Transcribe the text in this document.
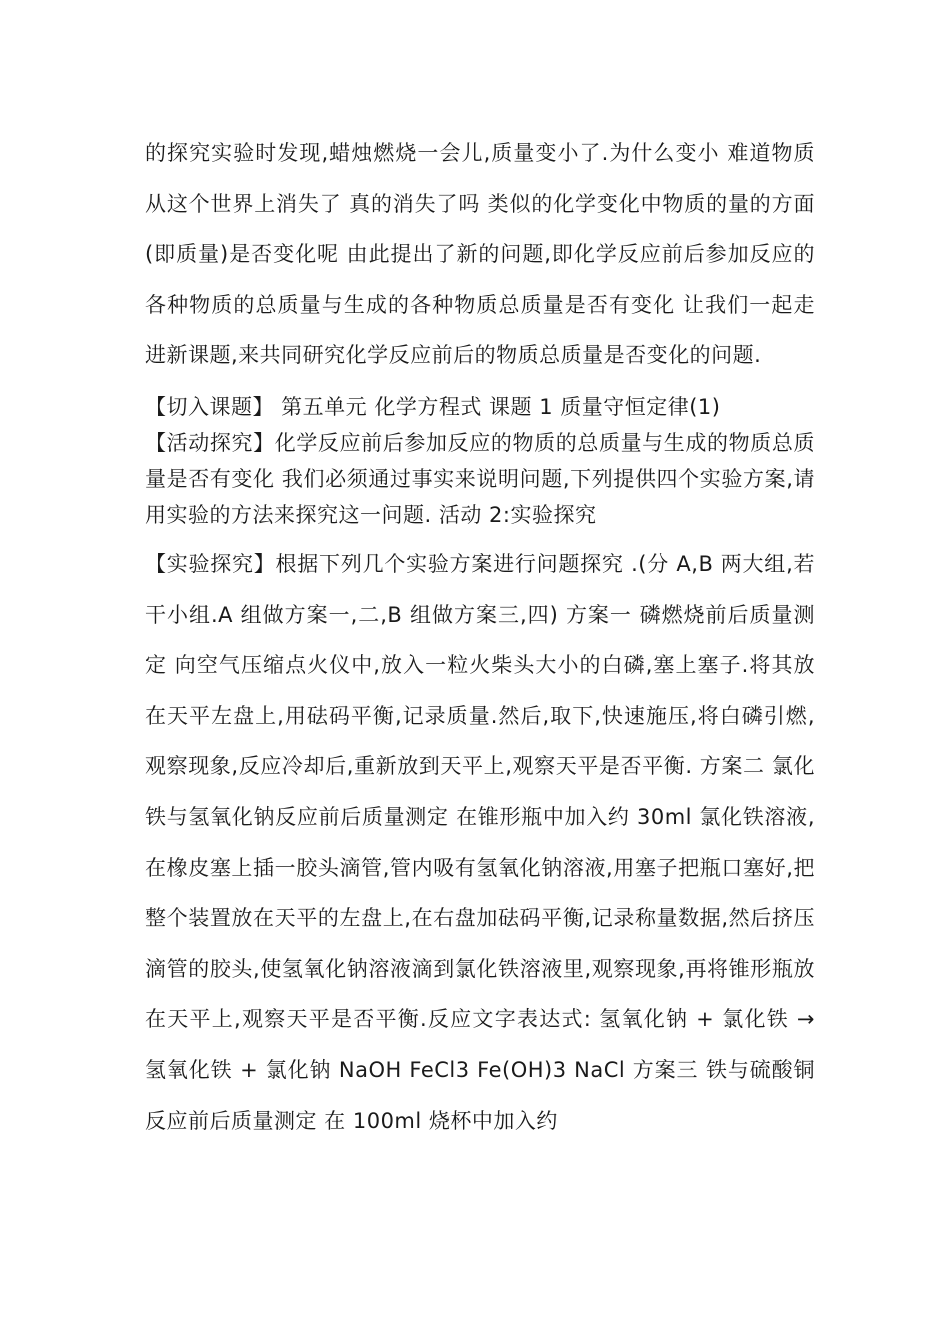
的探究实验时发现,蜡烛燃烧一会儿,质量变小了.为什么变小 难道物质从这个世界上消失了 真的消失了吗 类似的化学变化中物质的量的方面(即质量)是否变化呢 由此提出了新的问题,即化学反应前后参加反应的各种物质的总质量与生成的各种物质总质量是否有变化 让我们一起走进新课题,来共同研究化学反应前后的物质总质量是否变化的问题.

【切入课题】 第五单元 化学方程式 课题 1 质量守恒定律(1)

【活动探究】化学反应前后参加反应的物质的总质量与生成的物质总质量是否有变化 我们必须通过事实来说明问题,下列提供四个实验方案,请用实验的方法来探究这一问题. 活动 2:实验探究

【实验探究】根据下列几个实验方案进行问题探究 .(分 A,B 两大组,若干小组.A 组做方案一,二,B 组做方案三,四) 方案一 磷燃烧前后质量测定 向空气压缩点火仪中,放入一粒火柴头大小的白磷,塞上塞子.将其放在天平左盘上,用砝码平衡,记录质量.然后,取下,快速施压,将白磷引燃,观察现象,反应冷却后,重新放到天平上,观察天平是否平衡. 方案二 氯化铁与氢氧化钠反应前后质量测定 在锥形瓶中加入约 30ml 氯化铁溶液,在橡皮塞上插一胶头滴管,管内吸有氢氧化钠溶液,用塞子把瓶口塞好,把整个装置放在天平的左盘上,在右盘加砝码平衡,记录称量数据,然后挤压滴管的胶头,使氢氧化钠溶液滴到氯化铁溶液里,观察现象,再将锥形瓶放在天平上,观察天平是否平衡.反应文字表达式: 氢氧化钠 + 氯化铁 → 氢氧化铁 + 氯化钠 NaOH FeCl3 Fe(OH)3 NaCl 方案三 铁与硫酸铜反应前后质量测定 在 100ml 烧杯中加入约
